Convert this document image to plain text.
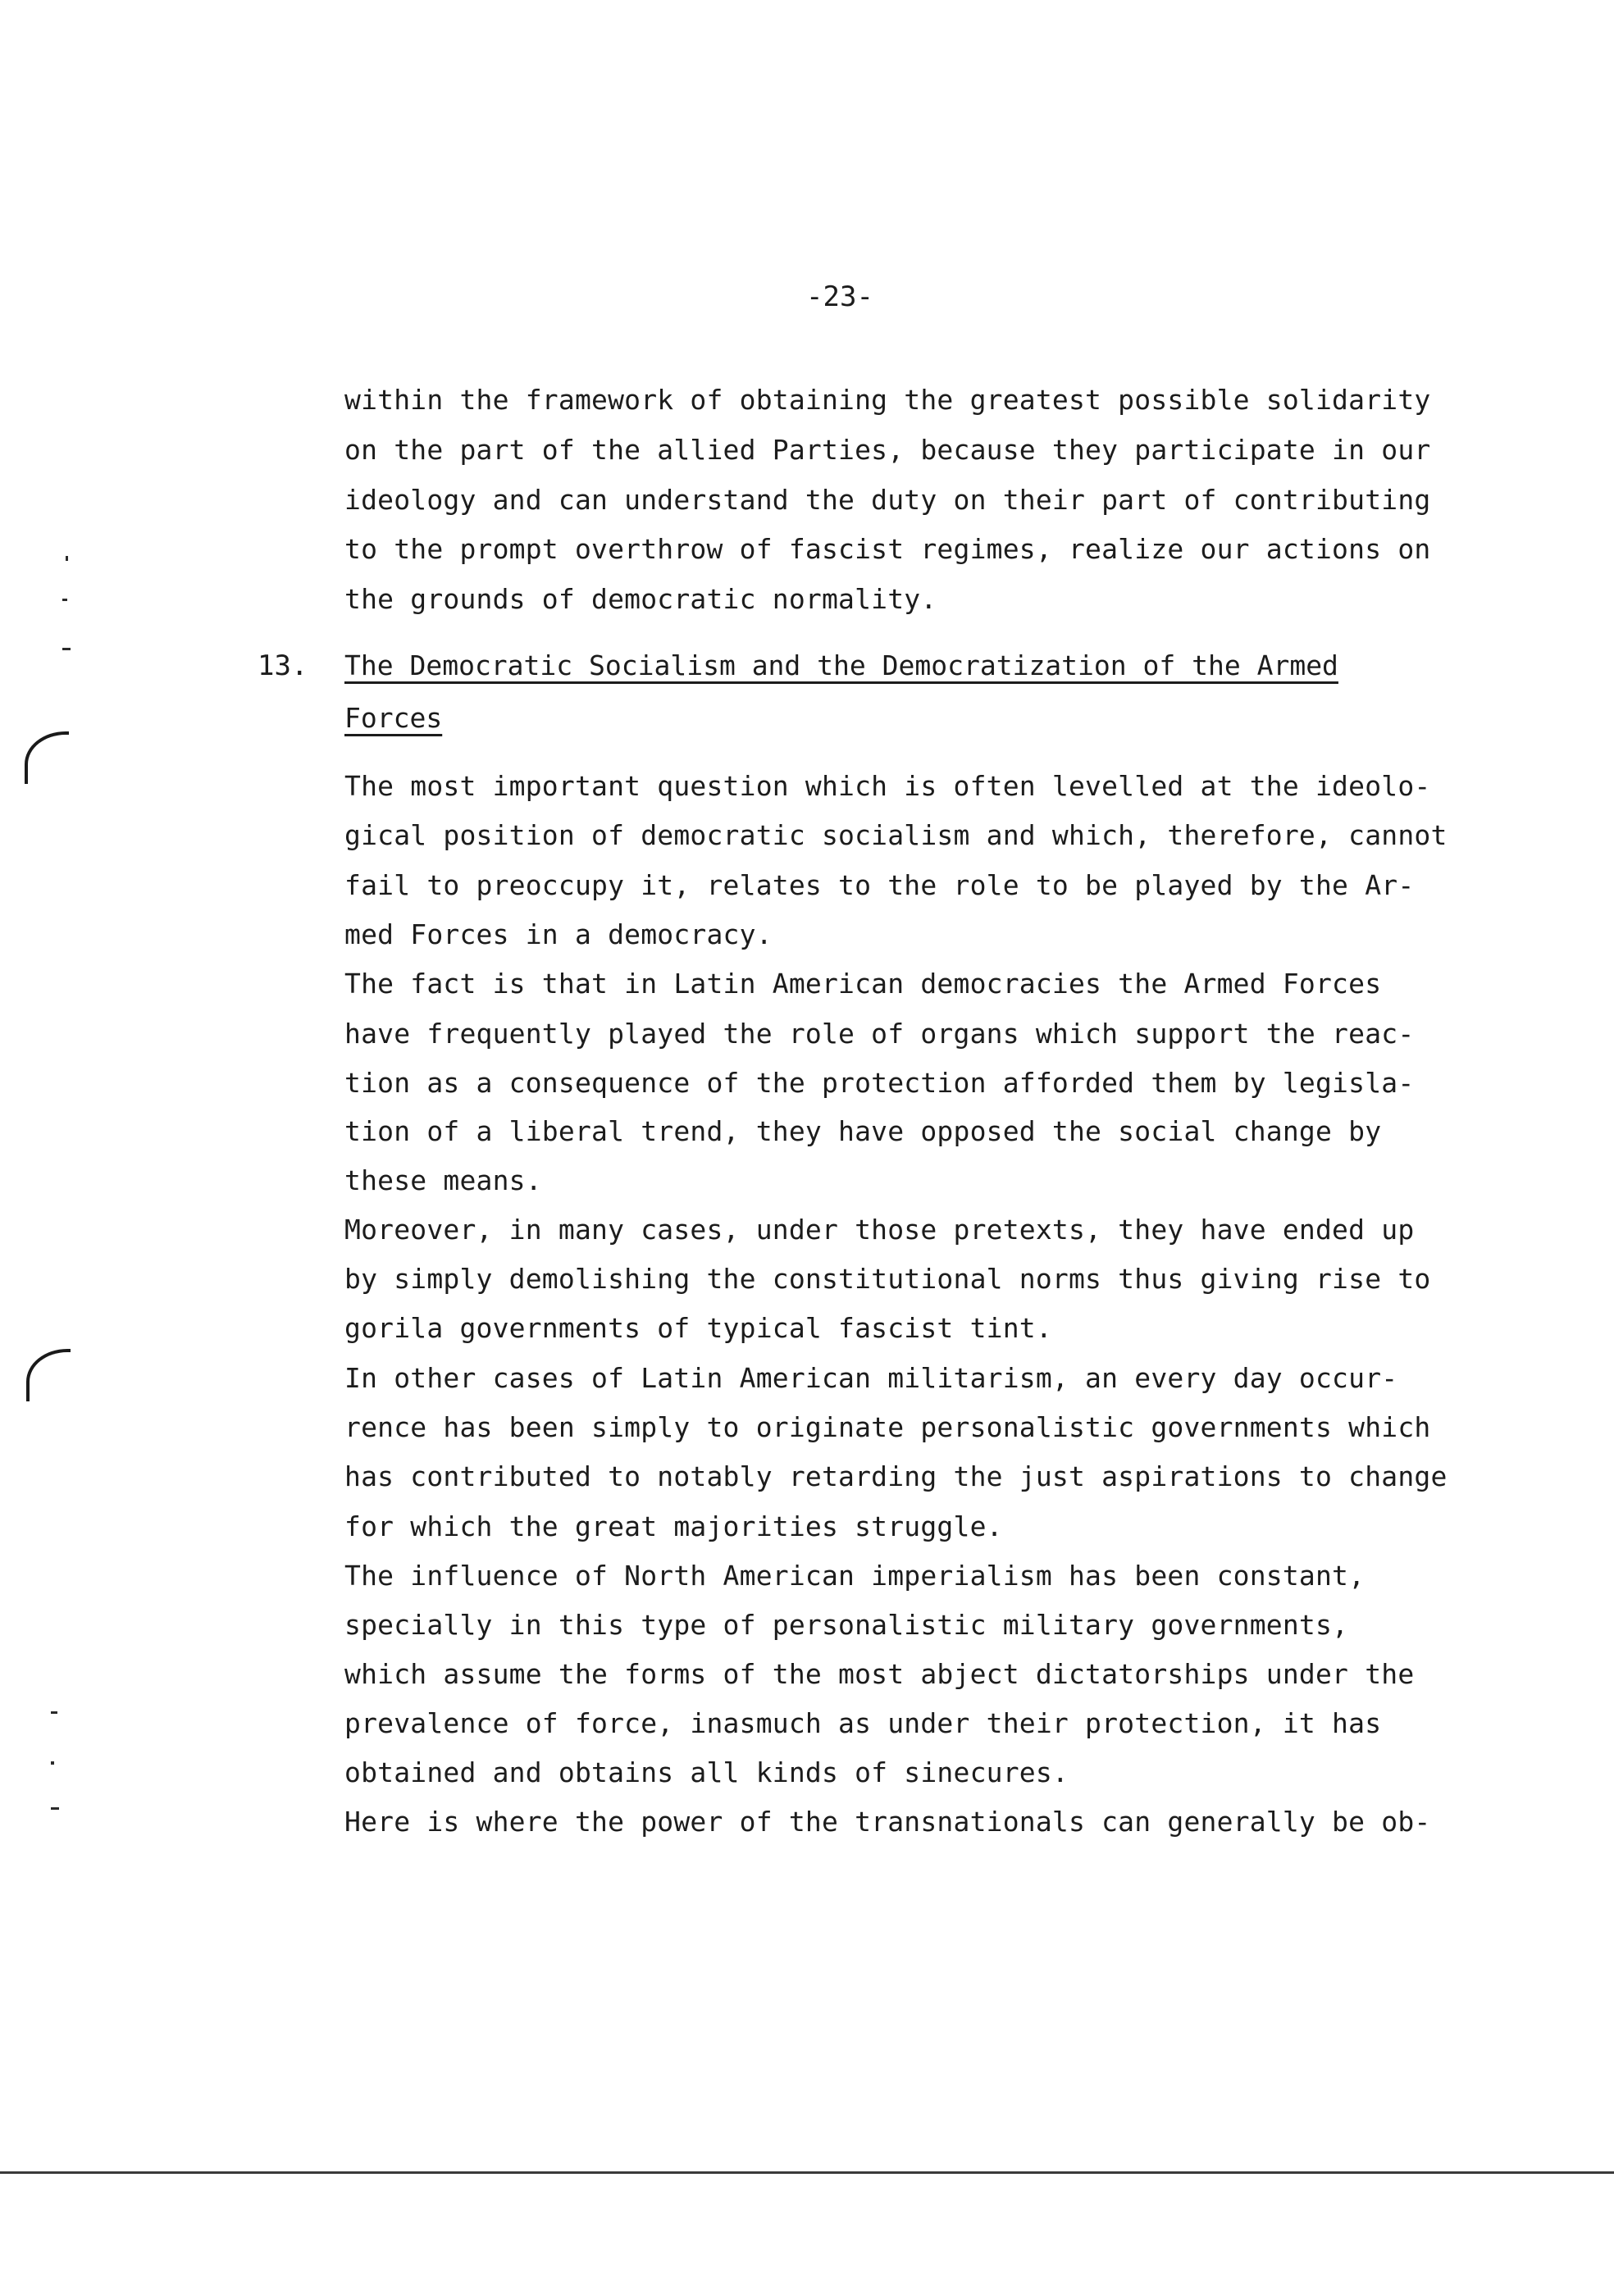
-23-
within the framework of obtaining the greatest possible solidarity
on the part of the allied Parties, because they participate in our
ideology and can understand the duty on their part of contributing
to the prompt overthrow of fascist regimes, realize our actions on
the grounds of democratic normality.
13. The Democratic Socialism and the Democratization of the Armed
Forces
The most important question which is often levelled at the ideolo-
gical position of democratic socialism and which, therefore, cannot
fail to preoccupy it, relates to the role to be played by the Ar-
med Forces in a democracy.
The fact is that in Latin American democracies the Armed Forces
have frequently played the role of organs which support the reac-
tion as a consequence of the protection afforded them by legisla-
tion of a liberal trend, they have opposed the social change by
these means.
Moreover, in many cases, under those pretexts, they have ended up
by simply demolishing the constitutional norms thus giving rise to
gorila governments of typical fascist tint.
In other cases of Latin American militarism, an every day occur-
rence has been simply to originate personalistic governments which
has contributed to notably retarding the just aspirations to change
for which the great majorities struggle.
The influence of North American imperialism has been constant,
specially in this type of personalistic military governments,
which assume the forms of the most abject dictatorships under the
prevalence of force, inasmuch as under their protection, it has
obtained and obtains all kinds of sinecures.
Here is where the power of the transnationals can generally be ob-
